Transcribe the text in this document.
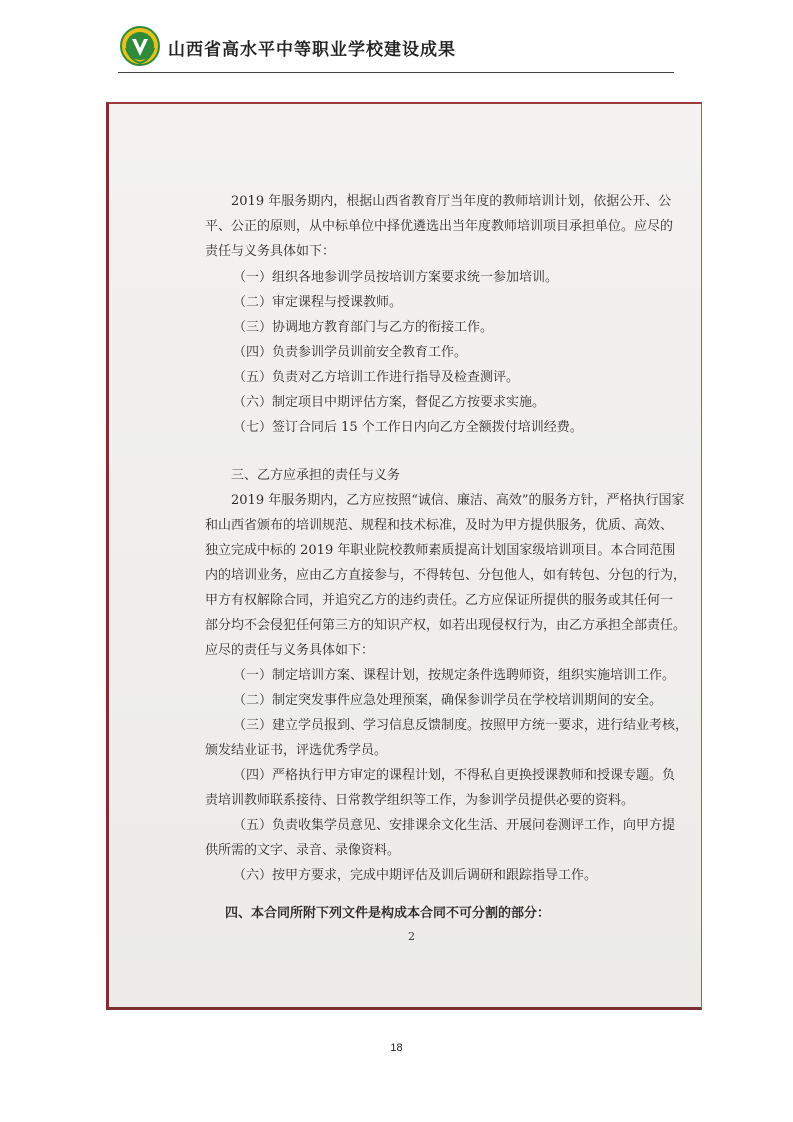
山西省高水平中等职业学校建设成果
2019 年服务期内，根据山西省教育厅当年度的教师培训计划，依据公开、公
平、公正的原则，从中标单位中择优遴选出当年度教师培训项目承担单位。应尽的
责任与义务具体如下：
（一）组织各地参训学员按培训方案要求统一参加培训。
（二）审定课程与授课教师。
（三）协调地方教育部门与乙方的衔接工作。
（四）负责参训学员训前安全教育工作。
（五）负责对乙方培训工作进行指导及检查测评。
（六）制定项目中期评估方案，督促乙方按要求实施。
（七）签订合同后 15 个工作日内向乙方全额拨付培训经费。
三、乙方应承担的责任与义务
2019 年服务期内，乙方应按照“诚信、廉洁、高效”的服务方针，严格执行国家
和山西省颁布的培训规范、规程和技术标准，及时为甲方提供服务，优质、高效、
独立完成中标的 2019 年职业院校教师素质提高计划国家级培训项目。本合同范围
内的培训业务，应由乙方直接参与，不得转包、分包他人，如有转包、分包的行为，
甲方有权解除合同，并追究乙方的违约责任。乙方应保证所提供的服务或其任何一
部分均不会侵犯任何第三方的知识产权，如若出现侵权行为，由乙方承担全部责任。
应尽的责任与义务具体如下：
（一）制定培训方案、课程计划，按规定条件选聘师资，组织实施培训工作。
（二）制定突发事件应急处理预案，确保参训学员在学校培训期间的安全。
（三）建立学员报到、学习信息反馈制度。按照甲方统一要求，进行结业考核，
颁发结业证书，评选优秀学员。
（四）严格执行甲方审定的课程计划，不得私自更换授课教师和授课专题。负
责培训教师联系接待、日常教学组织等工作，为参训学员提供必要的资料。
（五）负责收集学员意见、安排课余文化生活、开展问卷测评工作，向甲方提
供所需的文字、录音、录像资料。
（六）按甲方要求，完成中期评估及训后调研和跟踪指导工作。
四、本合同所附下列文件是构成本合同不可分割的部分：
2
18
